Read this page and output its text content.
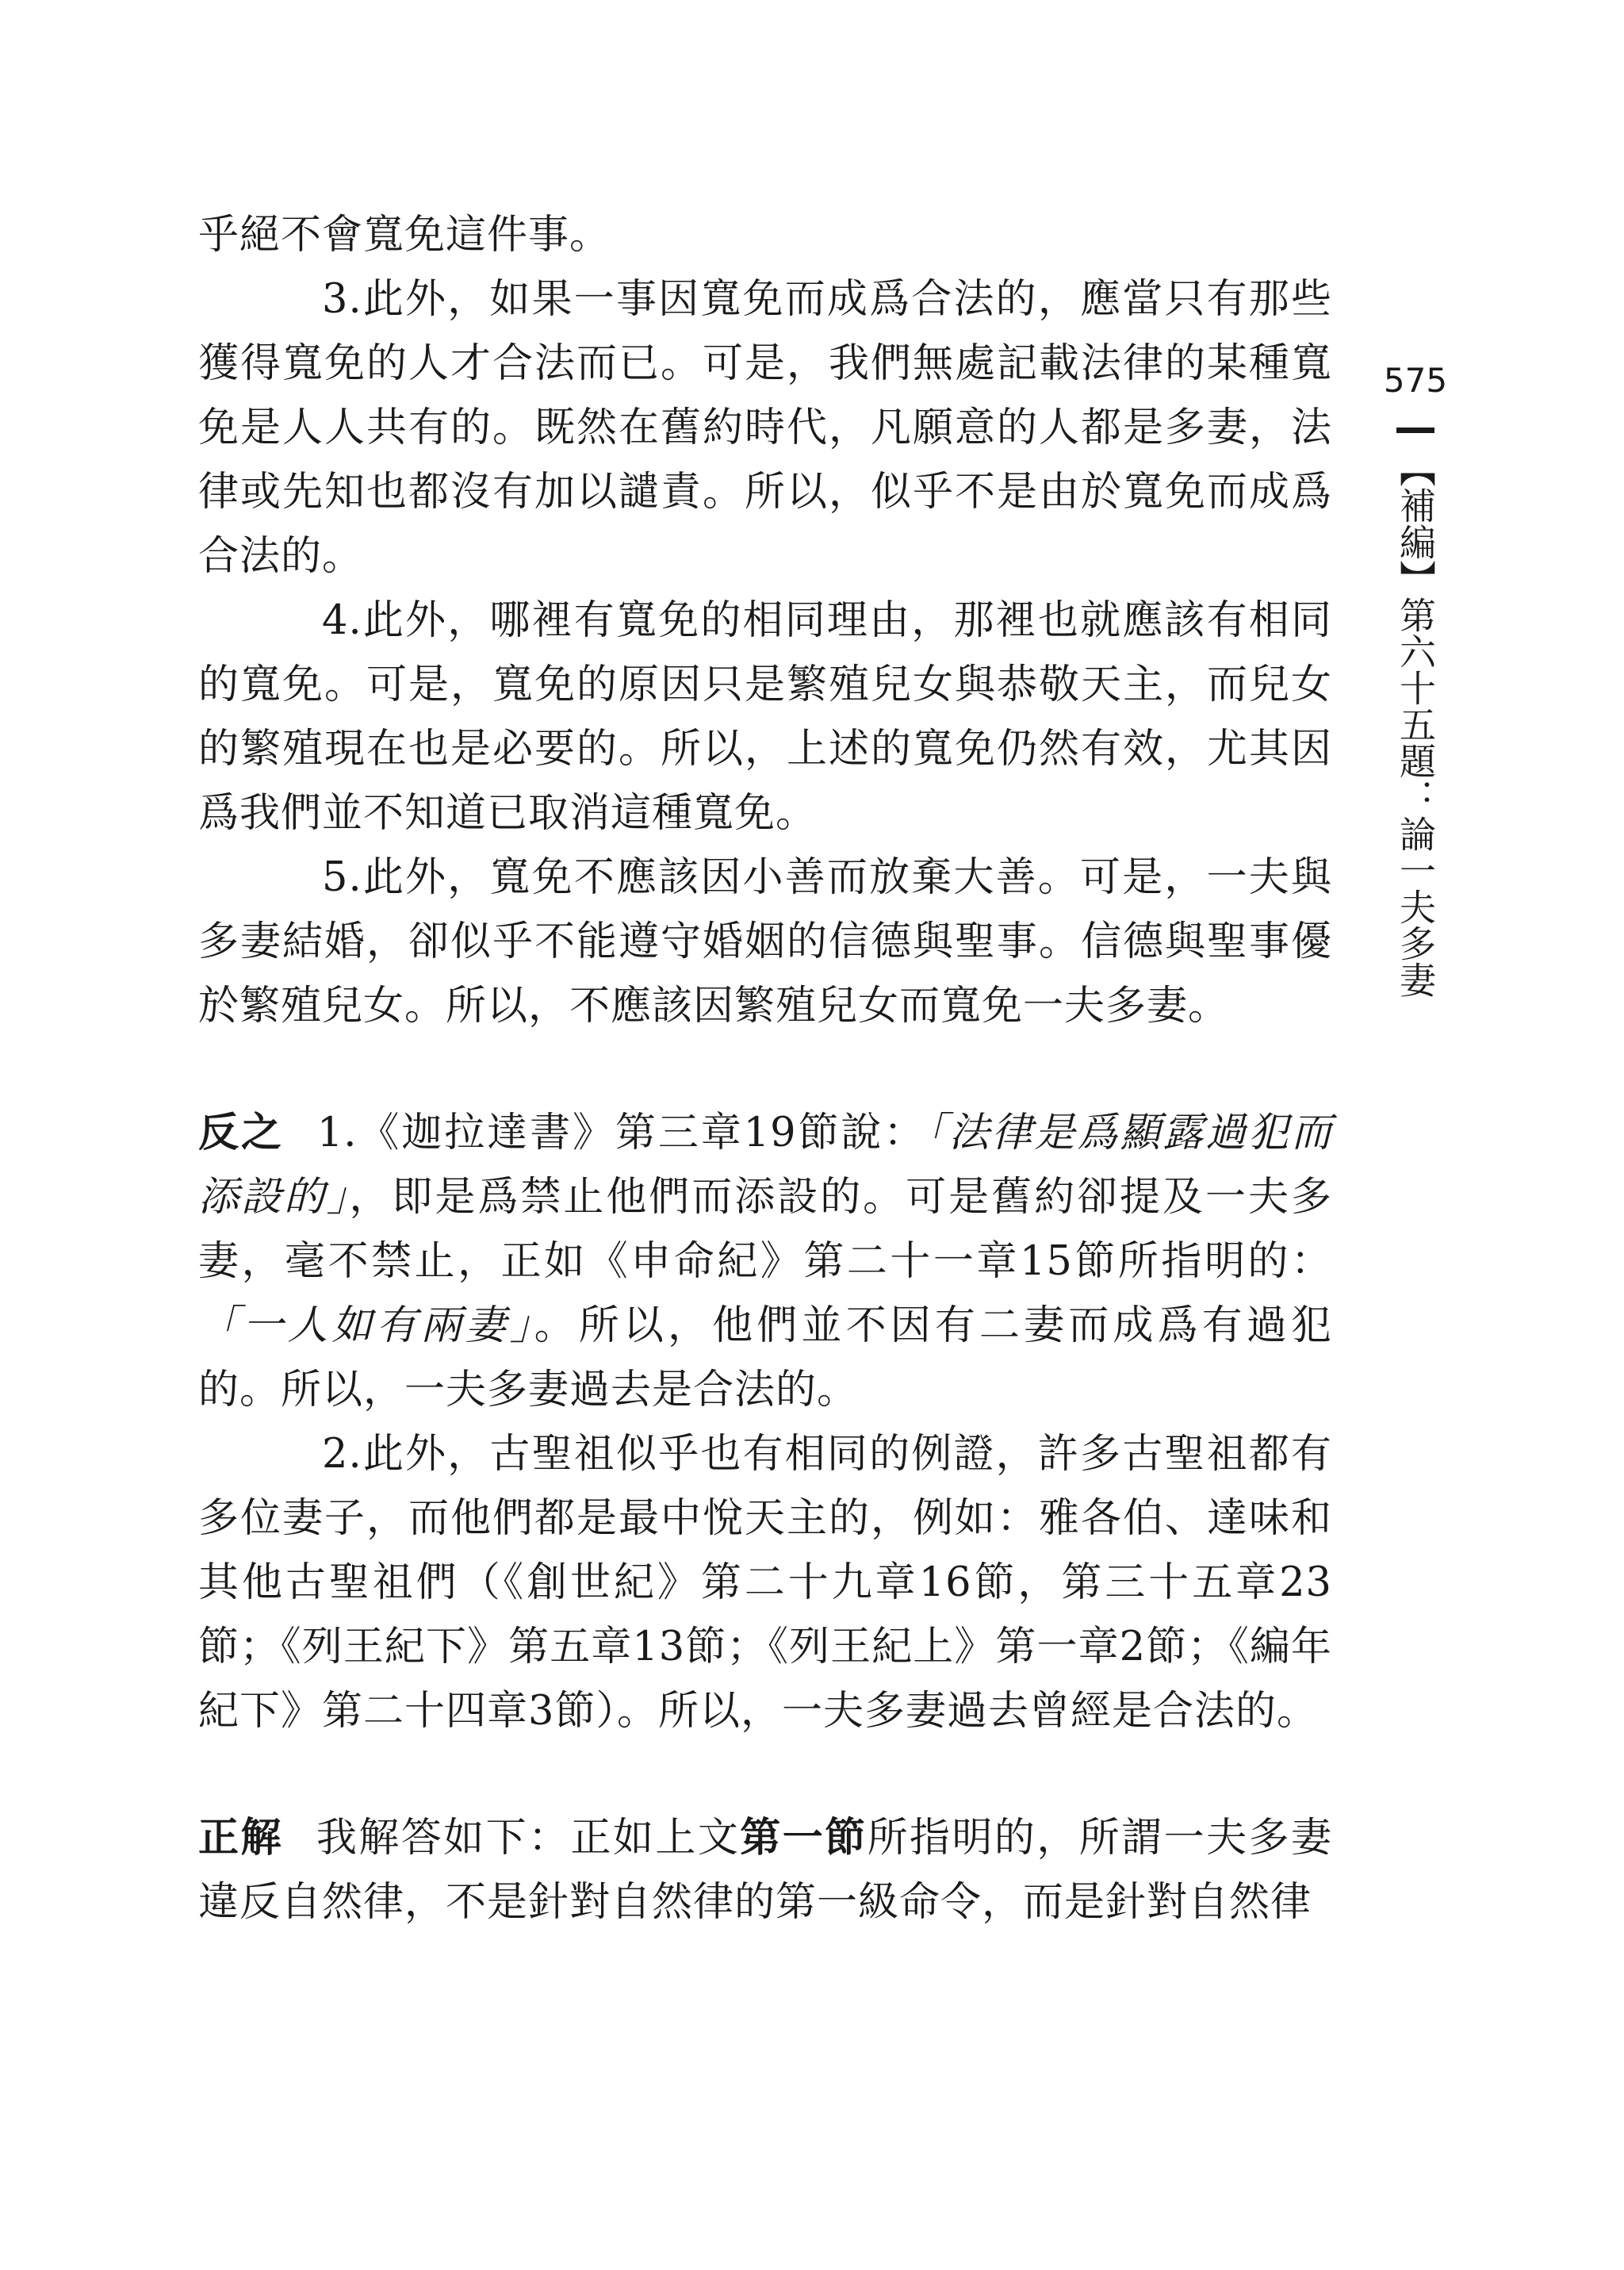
乎絕不會寬免這件事。

3.此外，如果一事因寬免而成爲合法的，應當只有那些獲得寬免的人才合法而已。可是，我們無處記載法律的某種寬免是人人共有的。既然在舊約時代，凡願意的人都是多妻，法律或先知也都沒有加以譴責。所以，似乎不是由於寬免而成爲合法的。

4.此外，哪裡有寬免的相同理由，那裡也就應該有相同的寬免。可是，寬免的原因只是繁殖兒女與恭敬天主，而兒女的繁殖現在也是必要的。所以，上述的寬免仍然有效，尤其因爲我們並不知道已取消這種寬免。

5.此外，寬免不應該因小善而放棄大善。可是，一夫與多妻結婚，卻似乎不能遵守婚姻的信德與聖事。信德與聖事優於繁殖兒女。所以，不應該因繁殖兒女而寬免一夫多妻。

反之 1.《迦拉達書》第三章19節說：「法律是爲顯露過犯而添設的」，即是爲禁止他們而添設的。可是舊約卻提及一夫多妻，毫不禁止，正如《申命紀》第二十一章15節所指明的：「一人如有兩妻」。所以，他們並不因有二妻而成爲有過犯的。所以，一夫多妻過去是合法的。

2.此外，古聖祖似乎也有相同的例證，許多古聖祖都有多位妻子，而他們都是最中悅天主的，例如：雅各伯、達味和其他古聖祖們（《創世紀》第二十九章16節，第三十五章23節；《列王紀下》第五章13節；《列王紀上》第一章2節；《編年紀下》第二十四章3節）。所以，一夫多妻過去曾經是合法的。

正解 我解答如下：正如上文第一節所指明的，所謂一夫多妻違反自然律，不是針對自然律的第一級命令，而是針對自然律

575
【補編】第六十五題：論一夫多妻
